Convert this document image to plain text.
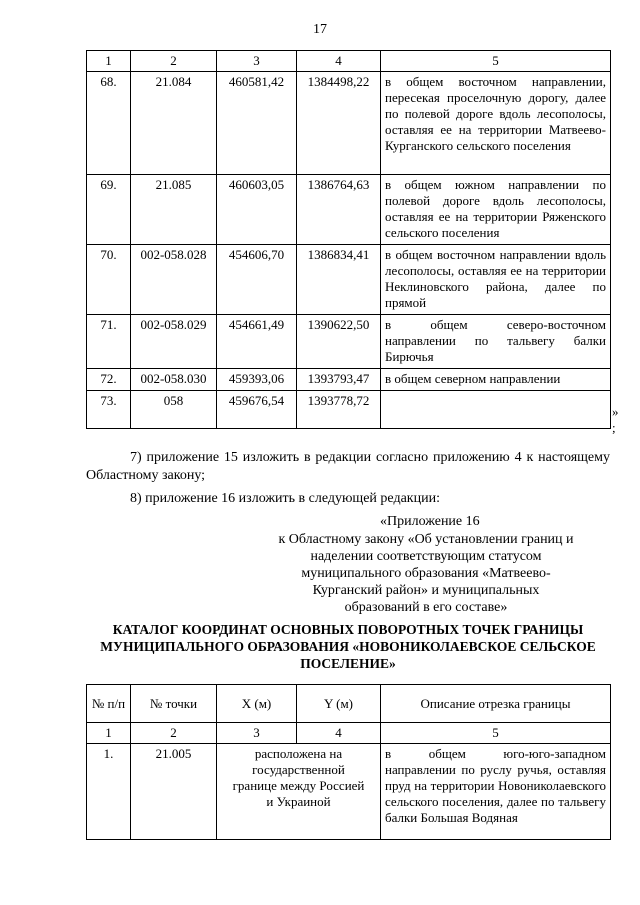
17
1	2	3	4	5
68.	21.084	460581,42	1384498,22	в общем восточном направлении, пересекая проселочную дорогу, далее по полевой дороге вдоль лесополосы, оставляя ее на территории Матвеево-Курганского сельского поселения
69.	21.085	460603,05	1386764,63	в общем южном направлении по полевой дороге вдоль лесополосы, оставляя ее на территории Ряженского сельского поселения
70.	002-058.028	454606,70	1386834,41	в общем восточном направлении вдоль лесополосы, оставляя ее на территории Неклиновского района, далее по прямой
71.	002-058.029	454661,49	1390622,50	в общем северо-восточном направлении по тальвегу балки Бирючья
72.	002-058.030	459393,06	1393793,47	в общем северном направлении
73.	058	459676,54	1393778,72	
»
;
7) приложение 15 изложить в редакции согласно приложению 4 к настоящему Областному закону;
8) приложение 16 изложить в следующей редакции:
«Приложение 16
к Областному закону «Об установлении границ и наделении соответствующим статусом муниципального образования «Матвеево-Курганский район» и муниципальных образований в его составе»
КАТАЛОГ КООРДИНАТ ОСНОВНЫХ ПОВОРОТНЫХ ТОЧЕК ГРАНИЦЫ МУНИЦИПАЛЬНОГО ОБРАЗОВАНИЯ «НОВОНИКОЛАЕВСКОЕ СЕЛЬСКОЕ ПОСЕЛЕНИЕ»
№ п/п	№ точки	X (м)	Y (м)	Описание отрезка границы
1	2	3	4	5
1.	21.005	расположена на государственной границе между Россией и Украиной		в общем юго-юго-западном направлении по руслу ручья, оставляя пруд на территории Новониколаевского сельского поселения, далее по тальвегу балки Большая Водяная
